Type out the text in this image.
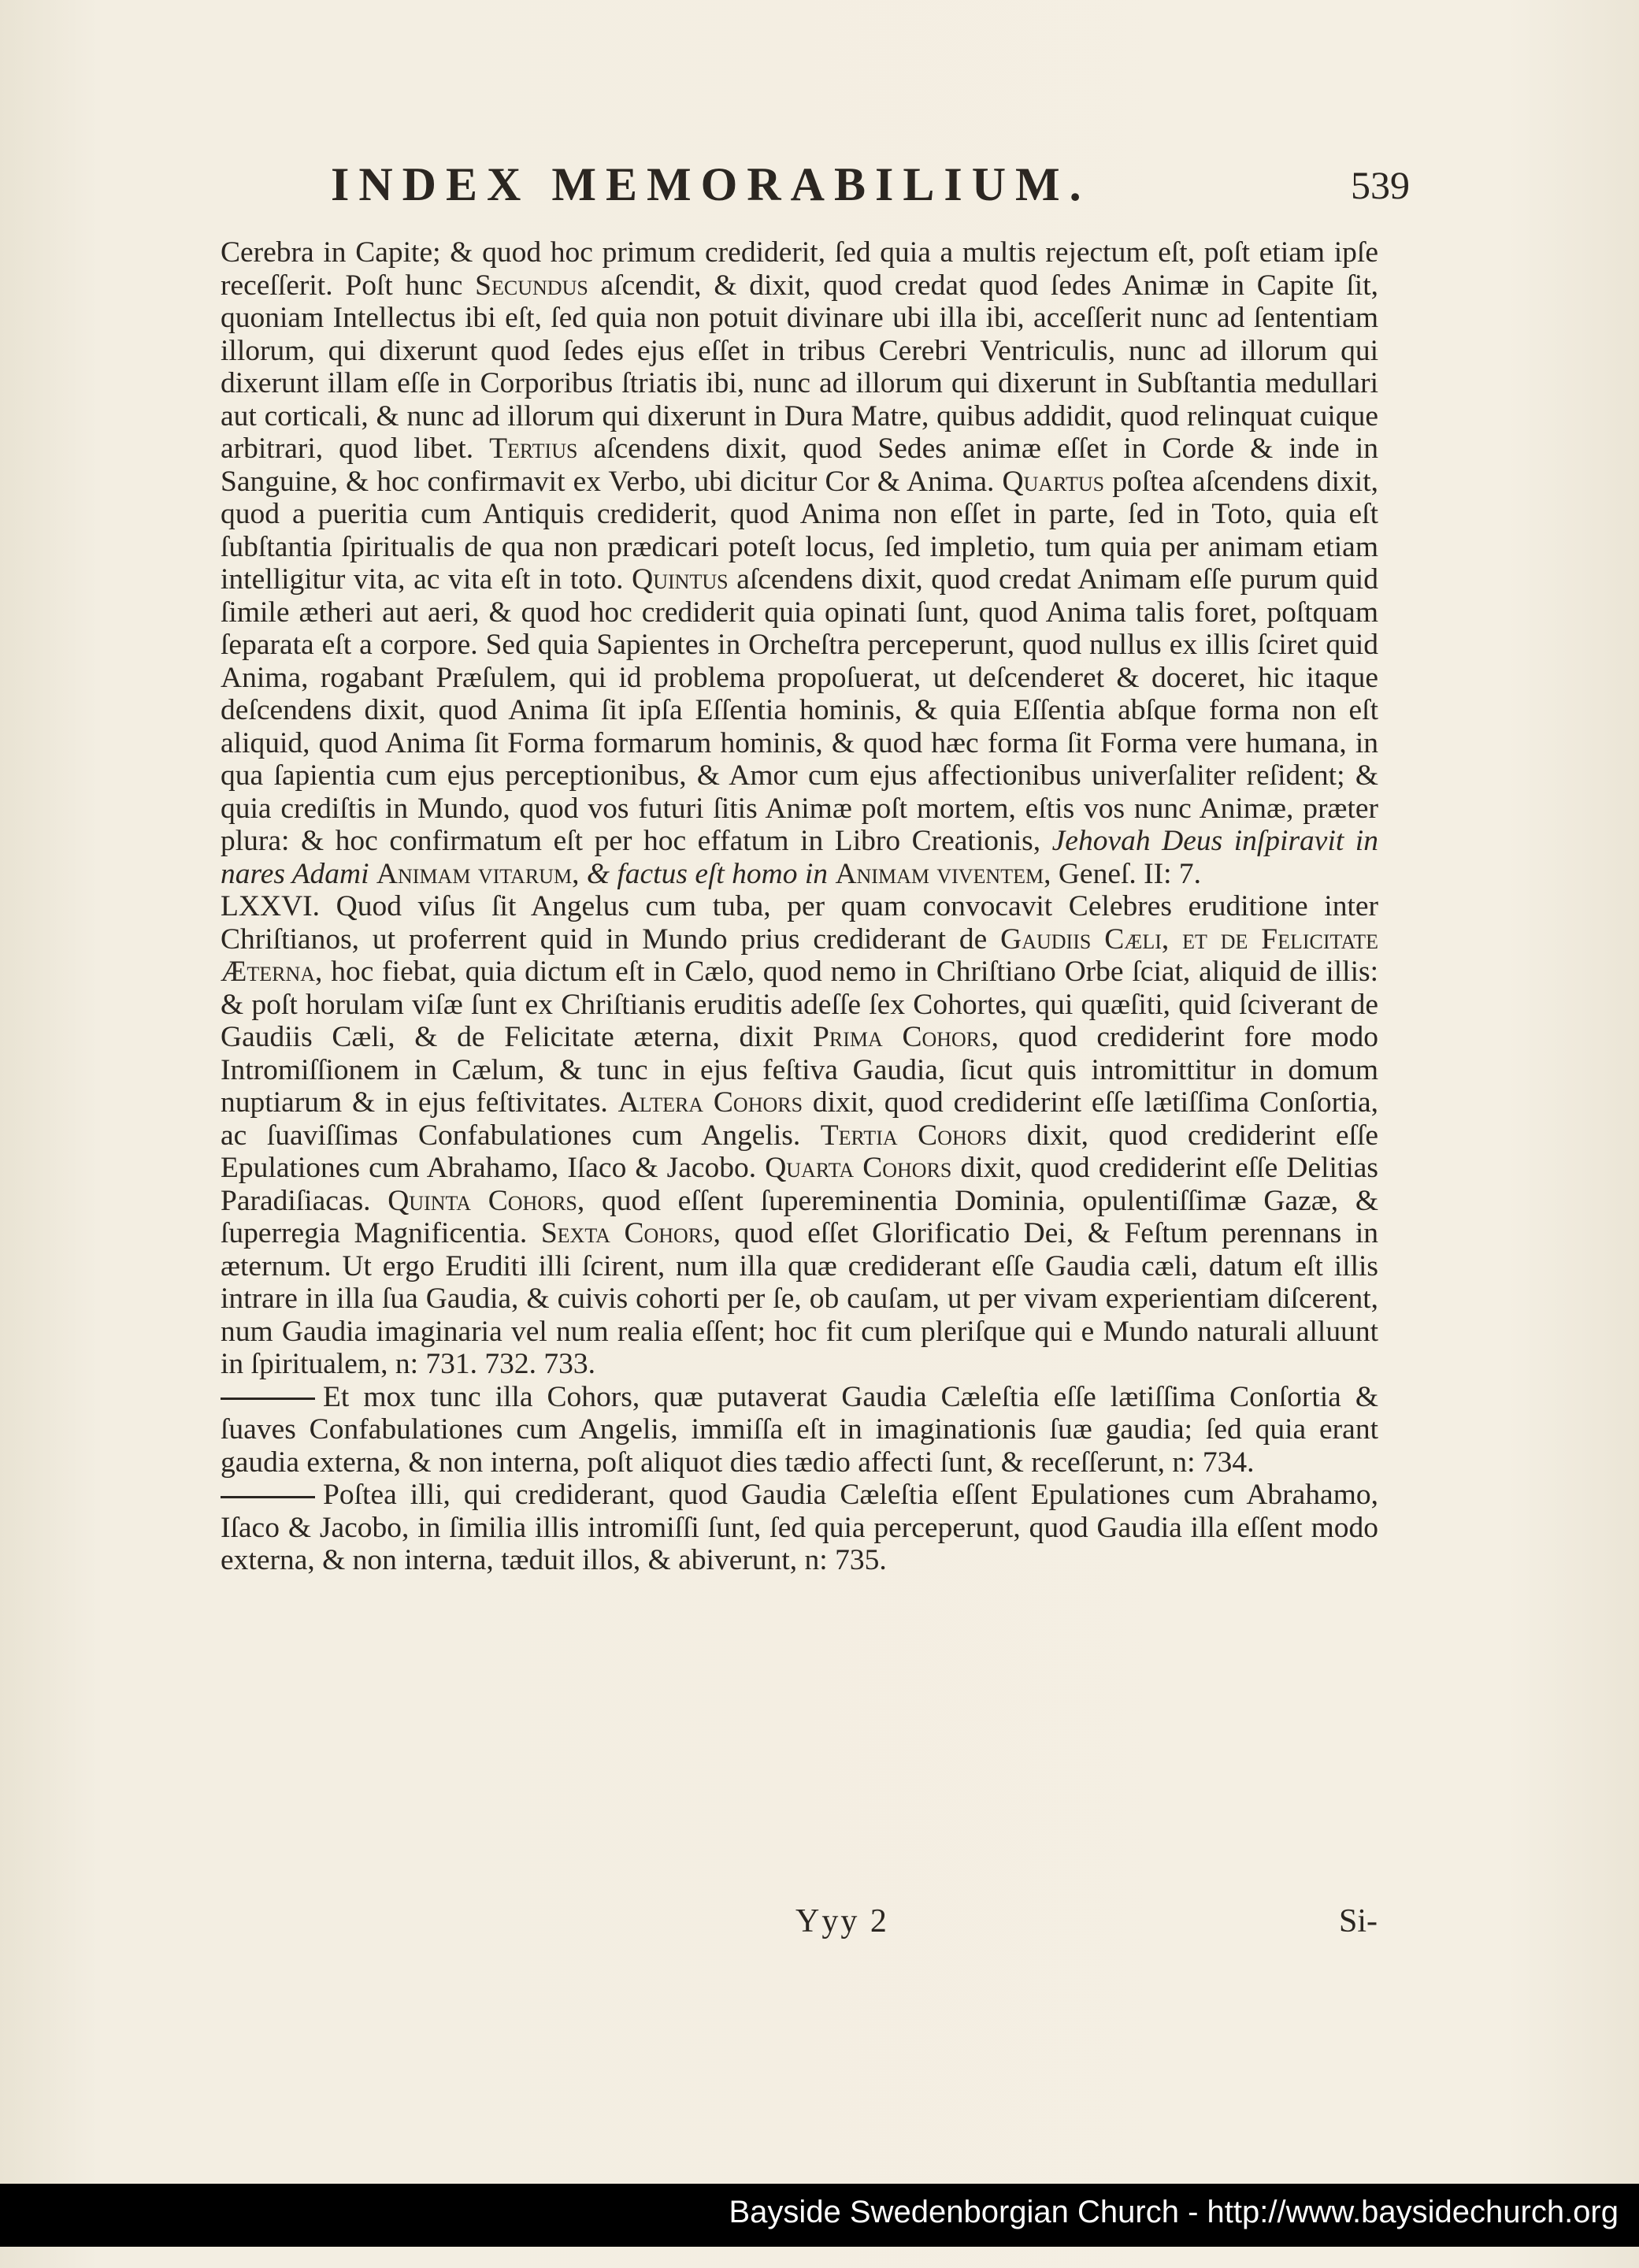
INDEX MEMORABILIUM.	539

Cerebra in Capite; & quod hoc primum crediderit, ſed quia a multis rejectum eſt, poſt etiam ipſe receſſerit. Poſt hunc Secundus aſcendit, & dixit, quod credat quod ſedes Animæ in Capite ſit, quoniam Intellectus ibi eſt, ſed quia non potuit divinare ubi illa ibi, acceſſerit nunc ad ſententiam illorum, qui dixerunt quod ſedes ejus eſſet in tribus Cerebri Ventriculis, nunc ad illorum qui dixerunt illam eſſe in Corporibus ſtriatis ibi, nunc ad illorum qui dixerunt in Subſtantia medullari aut corticali, & nunc ad illorum qui dixerunt in Dura Matre, quibus addidit, quod relinquat cuique arbitrari, quod libet. Tertius aſcendens dixit, quod Sedes animæ eſſet in Corde & inde in Sanguine, & hoc confirmavit ex Verbo, ubi dicitur Cor & Anima. Quartus poſtea aſcendens dixit, quod a pueritia cum Antiquis crediderit, quod Anima non eſſet in parte, ſed in Toto, quia eſt ſubſtantia ſpiritualis de qua non prædicari poteſt locus, ſed impletio, tum quia per animam etiam intelligitur vita, ac vita eſt in toto. Quintus aſcendens dixit, quod credat Animam eſſe purum quid ſimile ætheri aut aeri, & quod hoc crediderit quia opinati ſunt, quod Anima talis foret, poſtquam ſeparata eſt a corpore. Sed quia Sapientes in Orcheſtra perceperunt, quod nullus ex illis ſciret quid Anima, rogabant Præſulem, qui id problema propoſuerat, ut deſcenderet & doceret, hic itaque deſcendens dixit, quod Anima ſit ipſa Eſſentia hominis, & quia Eſſentia abſque forma non eſt aliquid, quod Anima ſit Forma formarum hominis, & quod hæc forma ſit Forma vere humana, in qua ſapientia cum ejus perceptionibus, & Amor cum ejus affectionibus univerſaliter reſident; & quia crediſtis in Mundo, quod vos futuri ſitis Animæ poſt mortem, eſtis vos nunc Animæ, præter plura: & hoc confirmatum eſt per hoc effatum in Libro Creationis, Jehovah Deus inſpiravit in nares Adami Animam vitarum, & factus eſt homo in Animam viventem, Geneſ. II: 7.

LXXVI. Quod viſus ſit Angelus cum tuba, per quam convocavit Celebres eruditione inter Chriſtianos, ut proferrent quid in Mundo prius crediderant de Gaudiis Cæli, et de Felicitate Æterna, hoc fiebat, quia dictum eſt in Cælo, quod nemo in Chriſtiano Orbe ſciat, aliquid de illis: & poſt horulam viſæ ſunt ex Chriſtianis eruditis adeſſe ſex Cohortes, qui quæſiti, quid ſciverant de Gaudiis Cæli, & de Felicitate æterna, dixit Prima Cohors, quod crediderint fore modo Intromiſſionem in Cælum, & tunc in ejus feſtiva Gaudia, ſicut quis intromittitur in domum nuptiarum & in ejus feſtivitates. Altera Cohors dixit, quod crediderint eſſe lætiſſima Conſortia, ac ſuaviſſimas Confabulationes cum Angelis. Tertia Cohors dixit, quod crediderint eſſe Epulationes cum Abrahamo, Iſaco & Jacobo. Quarta Cohors dixit, quod crediderint eſſe Delitias Paradiſiacas. Quinta Cohors, quod eſſent ſupereminentia Dominia, opulentiſſimæ Gazæ, & ſuperregia Magnificentia. Sexta Cohors, quod eſſet Glorificatio Dei, & Feſtum perennans in æternum. Ut ergo Eruditi illi ſcirent, num illa quæ crediderant eſſe Gaudia cæli, datum eſt illis intrare in illa ſua Gaudia, & cuivis cohorti per ſe, ob cauſam, ut per vivam experientiam diſcerent, num Gaudia imaginaria vel num realia eſſent; hoc fit cum pleriſque qui e Mundo naturali alluunt in ſpiritualem, n: 731. 732. 733.

Et mox tunc illa Cohors, quæ putaverat Gaudia Cæleſtia eſſe lætiſſima Conſortia & ſuaves Confabulationes cum Angelis, immiſſa eſt in imaginationis ſuæ gaudia; ſed quia erant gaudia externa, & non interna, poſt aliquot dies tædio affecti ſunt, & receſſerunt, n: 734.

Poſtea illi, qui crediderant, quod Gaudia Cæleſtia eſſent Epulationes cum Abrahamo, Iſaco & Jacobo, in ſimilia illis intromiſſi ſunt, ſed quia perceperunt, quod Gaudia illa eſſent modo externa, & non interna, tæduit illos, & abiverunt, n: 735.

Yyy 2	Si-
Bayside Swedenborgian Church - http://www.baysidechurch.org
